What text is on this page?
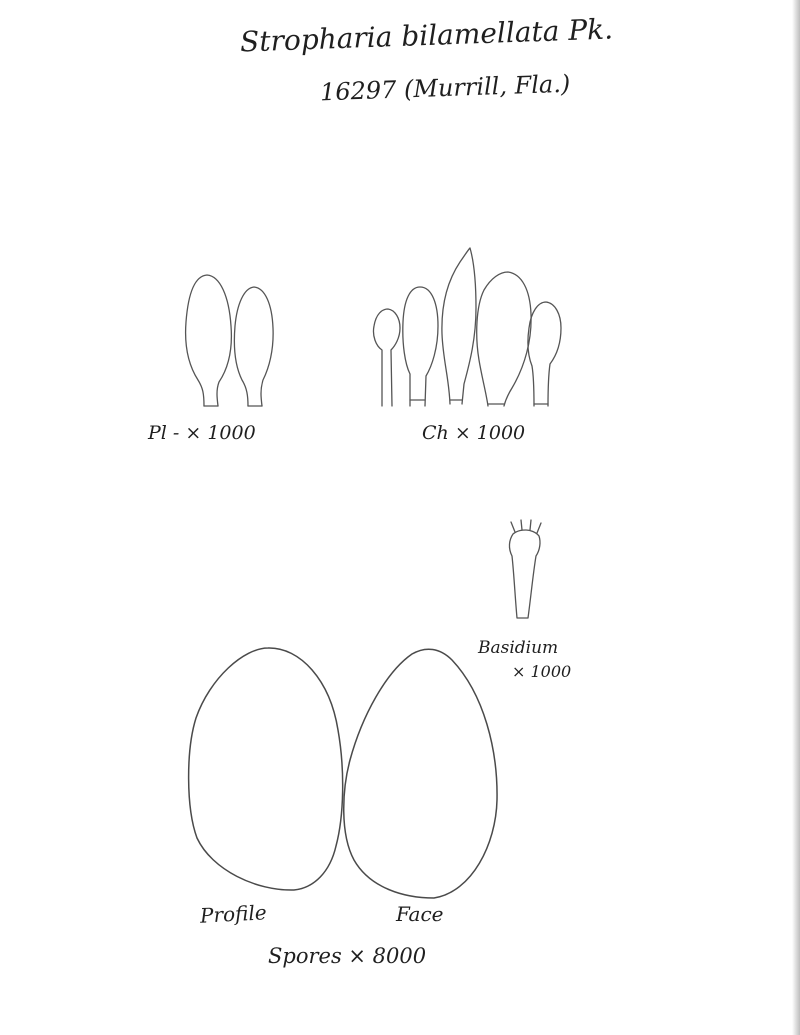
Stropharia bilamellata Pk.
16297 (Murrill, Fla.)
Pl - × 1000	Ch × 1000
Basidium
× 1000
Profile	Face
Spores × 8000
